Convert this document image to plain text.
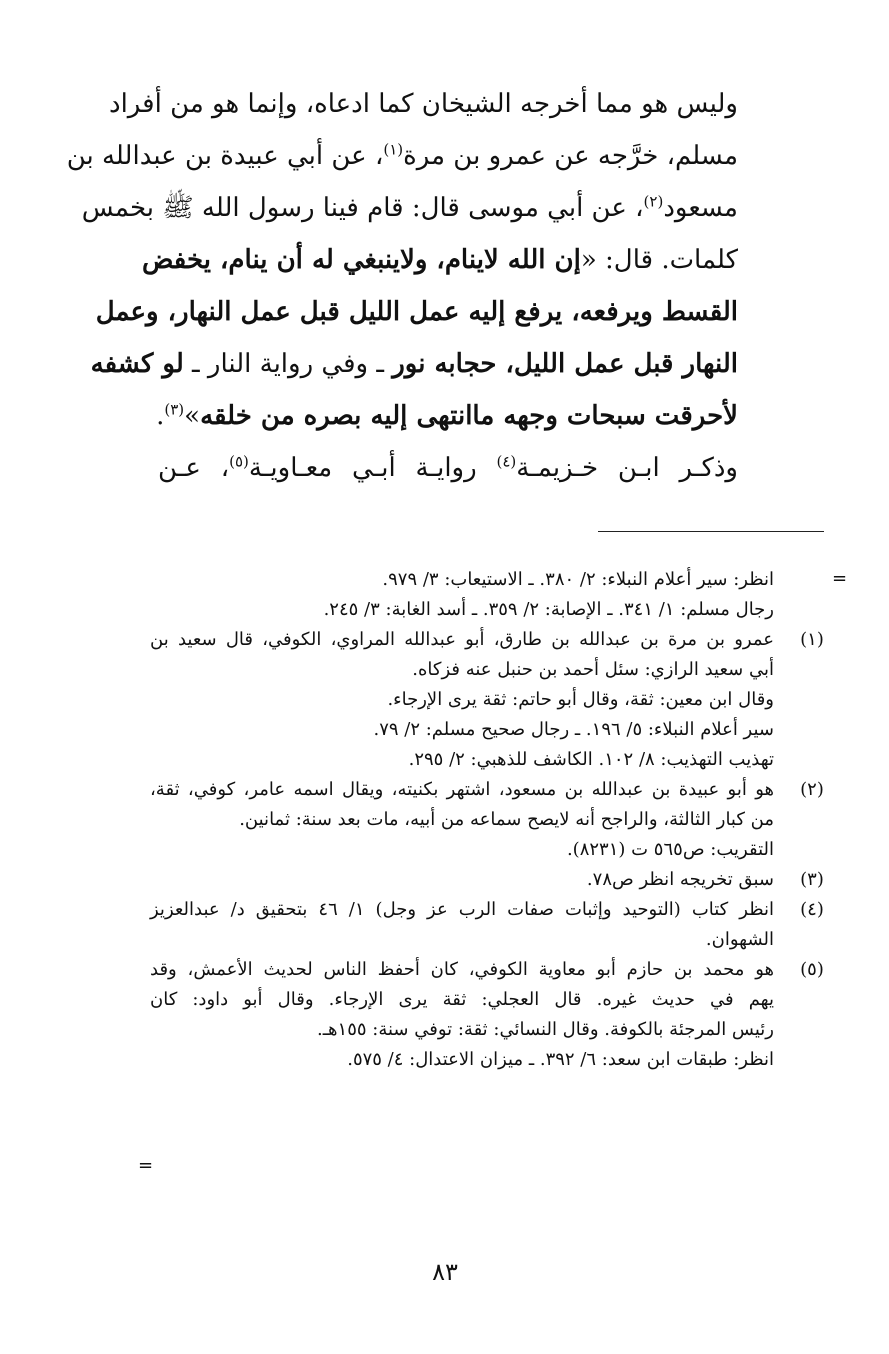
وليس هو مما أخرجه الشيخان كما ادعاه، وإنما هو من أفراد
مسلم، خرَّجه عن عمرو بن مرة$^{(١)}$، عن أبي عبيدة بن عبدالله بن
مسعود$^{(٢)}$، عن أبي موسى قال: قام فينا رسول الله ﷺ بخمس
كلمات. قال: «إن الله لاينام، ولاينبغي له أن ينام، يخفض
القسط ويرفعه، يرفع إليه عمل الليل قبل عمل النهار، وعمل
النهار قبل عمل الليل، حجابه نور ـ وفي رواية النار ـ لو كشفه
لأحرقت سبحات وجهه ماانتهى إليه بصره من خلقه»$^{(٣)}$.
وذكـر ابـن خـزيمـة$^{(٤)}$ روايـة أبـي معـاويـة$^{(٥)}$، عـن
=
انظر: سير أعلام النبلاء: ٢/ ٣٨٠. ـ الاستيعاب: ٣/ ٩٧٩.
رجال مسلم: ١/ ٣٤١. ـ الإصابة: ٢/ ٣٥٩. ـ أسد الغابة: ٣/ ٢٤٥.
(١)
عمرو بن مرة بن عبدالله بن طارق، أبو عبدالله المراوي، الكوفي، قال سعيد بن
أبي سعيد الرازي: سئل أحمد بن حنبل عنه فزكاه.
وقال ابن معين: ثقة، وقال أبو حاتم: ثقة يرى الإرجاء.
سير أعلام النبلاء: ٥/ ١٩٦. ـ رجال صحيح مسلم: ٢/ ٧٩.
تهذيب التهذيب: ٨/ ١٠٢. الكاشف للذهبي: ٢/ ٢٩٥.
(٢)
هو أبو عبيدة بن عبدالله بن مسعود، اشتهر بكنيته، ويقال اسمه عامر، كوفي، ثقة،
من كبار الثالثة، والراجح أنه لايصح سماعه من أبيه، مات بعد سنة: ثمانين.
التقريب: ص٥٦٥ ت (٨٢٣١).
(٣)
سبق تخريجه انظر ص٧٨.
(٤)
انظر كتاب (التوحيد وإثبات صفات الرب عز وجل) ١/ ٤٦ بتحقيق د/ عبدالعزيز
الشهوان.
(٥)
هو محمد بن حازم أبو معاوية الكوفي، كان أحفظ الناس لحديث الأعمش، وقد
يهم في حديث غيره. قال العجلي: ثقة يرى الإرجاء. وقال أبو داود: كان
رئيس المرجئة بالكوفة. وقال النسائي: ثقة: توفي سنة: ١٥٥هـ.
انظر: طبقات ابن سعد: ٦/ ٣٩٢. ـ ميزان الاعتدال: ٤/ ٥٧٥.
=
٨٣
